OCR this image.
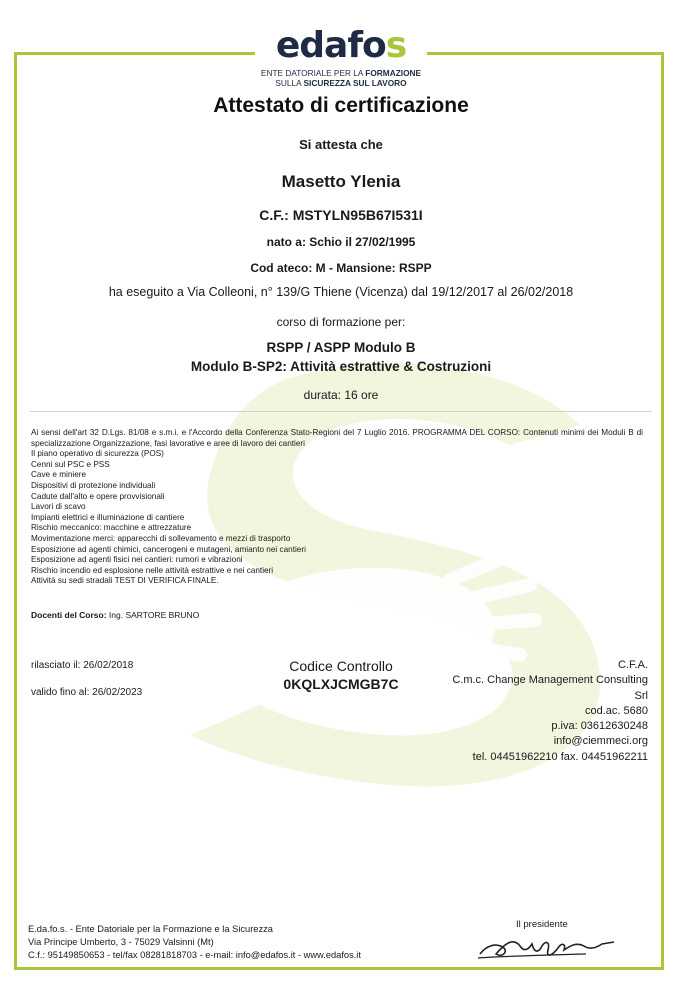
edafos
ENTE DATORIALE PER LA FORMAZIONE
SULLA SICUREZZA SUL LAVORO
Attestato di certificazione
Si attesta che
Masetto Ylenia
C.F.: MSTYLN95B67I531I
nato a: Schio il 27/02/1995
Cod ateco: M - Mansione: RSPP
ha eseguito a Via Colleoni, n° 139/G Thiene (Vicenza) dal 19/12/2017 al 26/02/2018
corso di formazione per:
RSPP / ASPP Modulo B
Modulo B-SP2: Attività estrattive & Costruzioni
durata: 16 ore
Ai sensi dell'art 32 D.Lgs. 81/08 e s.m.i. e l'Accordo della Conferenza Stato-Regioni del 7 Luglio 2016. PROGRAMMA DEL CORSO: Contenuti minimi dei Moduli B di specializzazione Organizzazione, fasi lavorative e aree di lavoro dei cantieri
Il piano operativo di sicurezza (POS)
Cenni sul PSC e PSS
Cave e miniere
Dispositivi di protezione individuali
Cadute dall'alto e opere provvisionali
Lavori di scavo
Impianti elettrici e illuminazione di cantiere
Rischio meccanico: macchine e attrezzature
Movimentazione merci: apparecchi di sollevamento e mezzi di trasporto
Esposizione ad agenti chimici, cancerogeni e mutageni, amianto nei cantieri
Esposizione ad agenti fisici nei cantieri: rumori e vibrazioni
Rischio incendio ed esplosione nelle attività estrattive e nei cantieri
Attività su sedi stradali TEST DI VERIFICA FINALE.
Docenti del Corso: Ing. SARTORE BRUNO
rilasciato il: 26/02/2018
valido fino al: 26/02/2023
Codice Controllo
0KQLXJCMGB7C
C.F.A.
C.m.c. Change Management Consulting
Srl
cod.ac. 5680
p.iva: 03612630248
info@ciemmeci.org
tel. 04451962210 fax. 04451962211
E.da.fo.s. - Ente Datoriale per la Formazione e la Sicurezza
Via Principe Umberto, 3 - 75029 Valsinni (Mt)
C.f.: 95149850653 - tel/fax 08281818703 - e-mail: info@edafos.it - www.edafos.it
Il presidente
